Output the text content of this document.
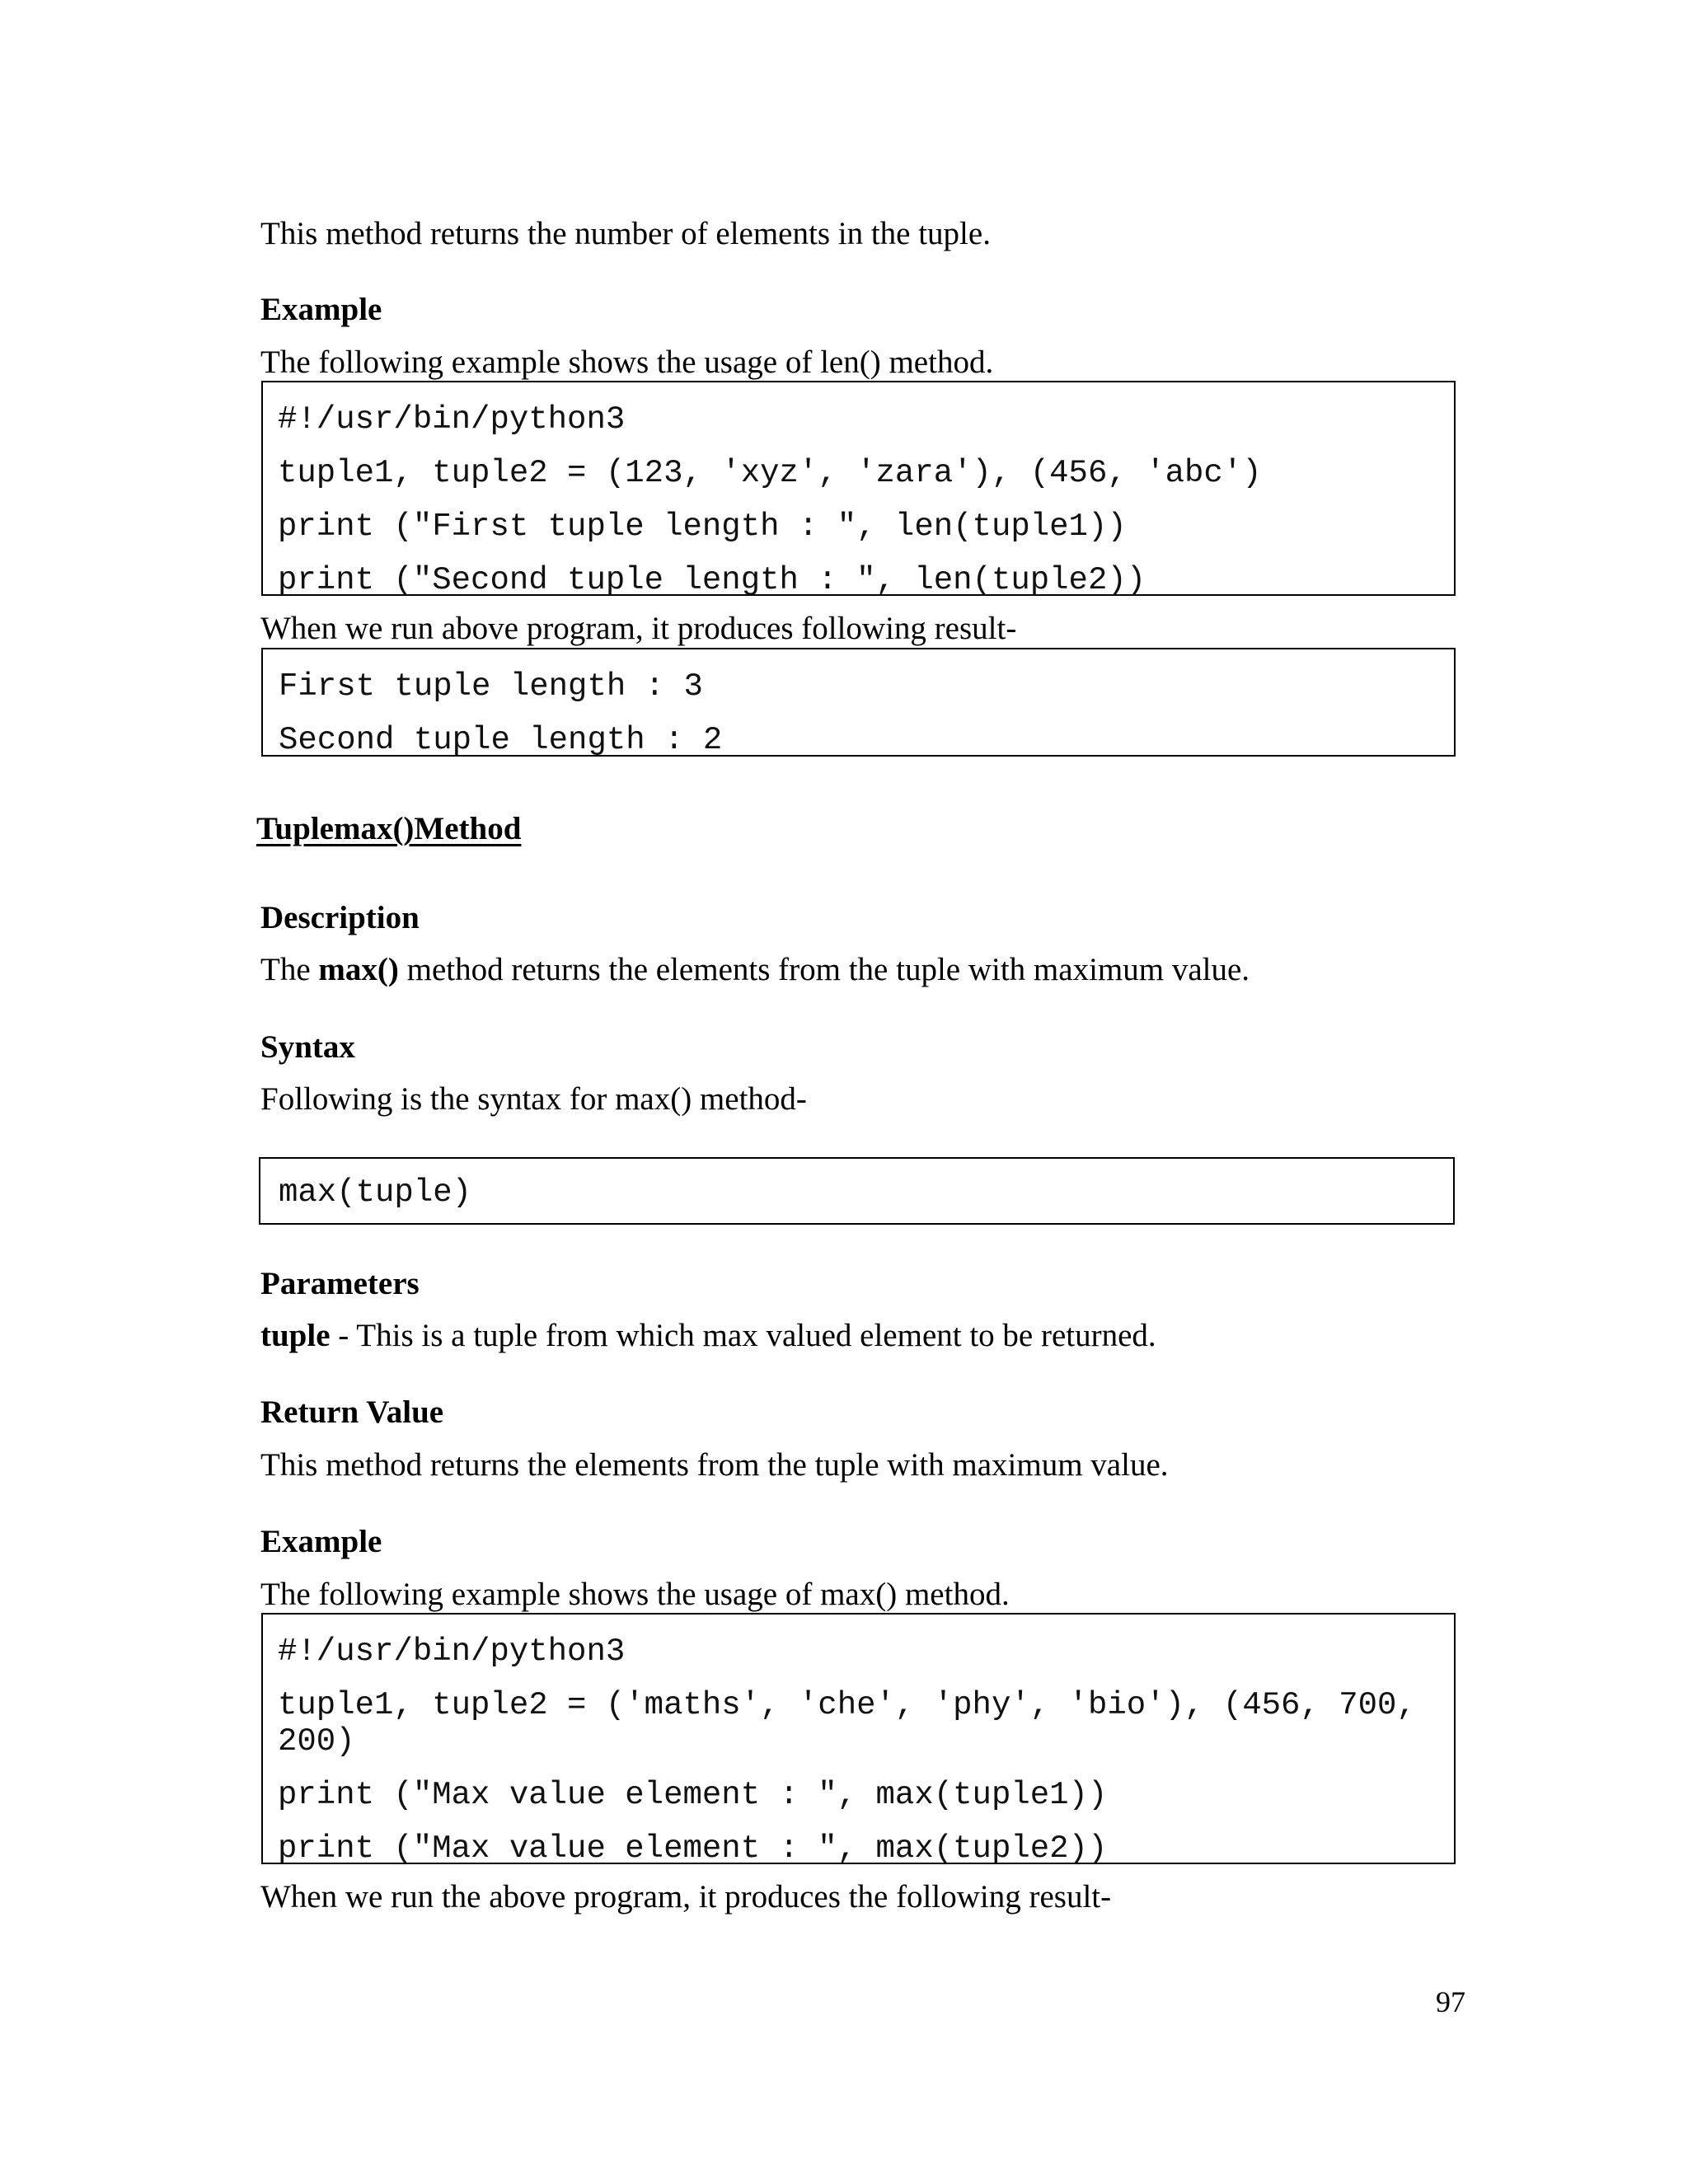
This method returns the number of elements in the tuple.

Example

The following example shows the usage of len() method.

#!/usr/bin/python3

tuple1, tuple2 = (123, 'xyz', 'zara'), (456, 'abc')

print ("First tuple length : ", len(tuple1))

print ("Second tuple length : ", len(tuple2))

When we run above program, it produces following result-

First tuple length : 3

Second tuple length : 2

Tuplemax()Method

Description

The max() method returns the elements from the tuple with maximum value.

Syntax

Following is the syntax for max() method-

max(tuple)

Parameters

tuple - This is a tuple from which max valued element to be returned.

Return Value

This method returns the elements from the tuple with maximum value.

Example

The following example shows the usage of max() method.

#!/usr/bin/python3

tuple1, tuple2 = ('maths', 'che', 'phy', 'bio'), (456, 700,

200)

print ("Max value element : ", max(tuple1))

print ("Max value element : ", max(tuple2))

When we run the above program, it produces the following result-

97
